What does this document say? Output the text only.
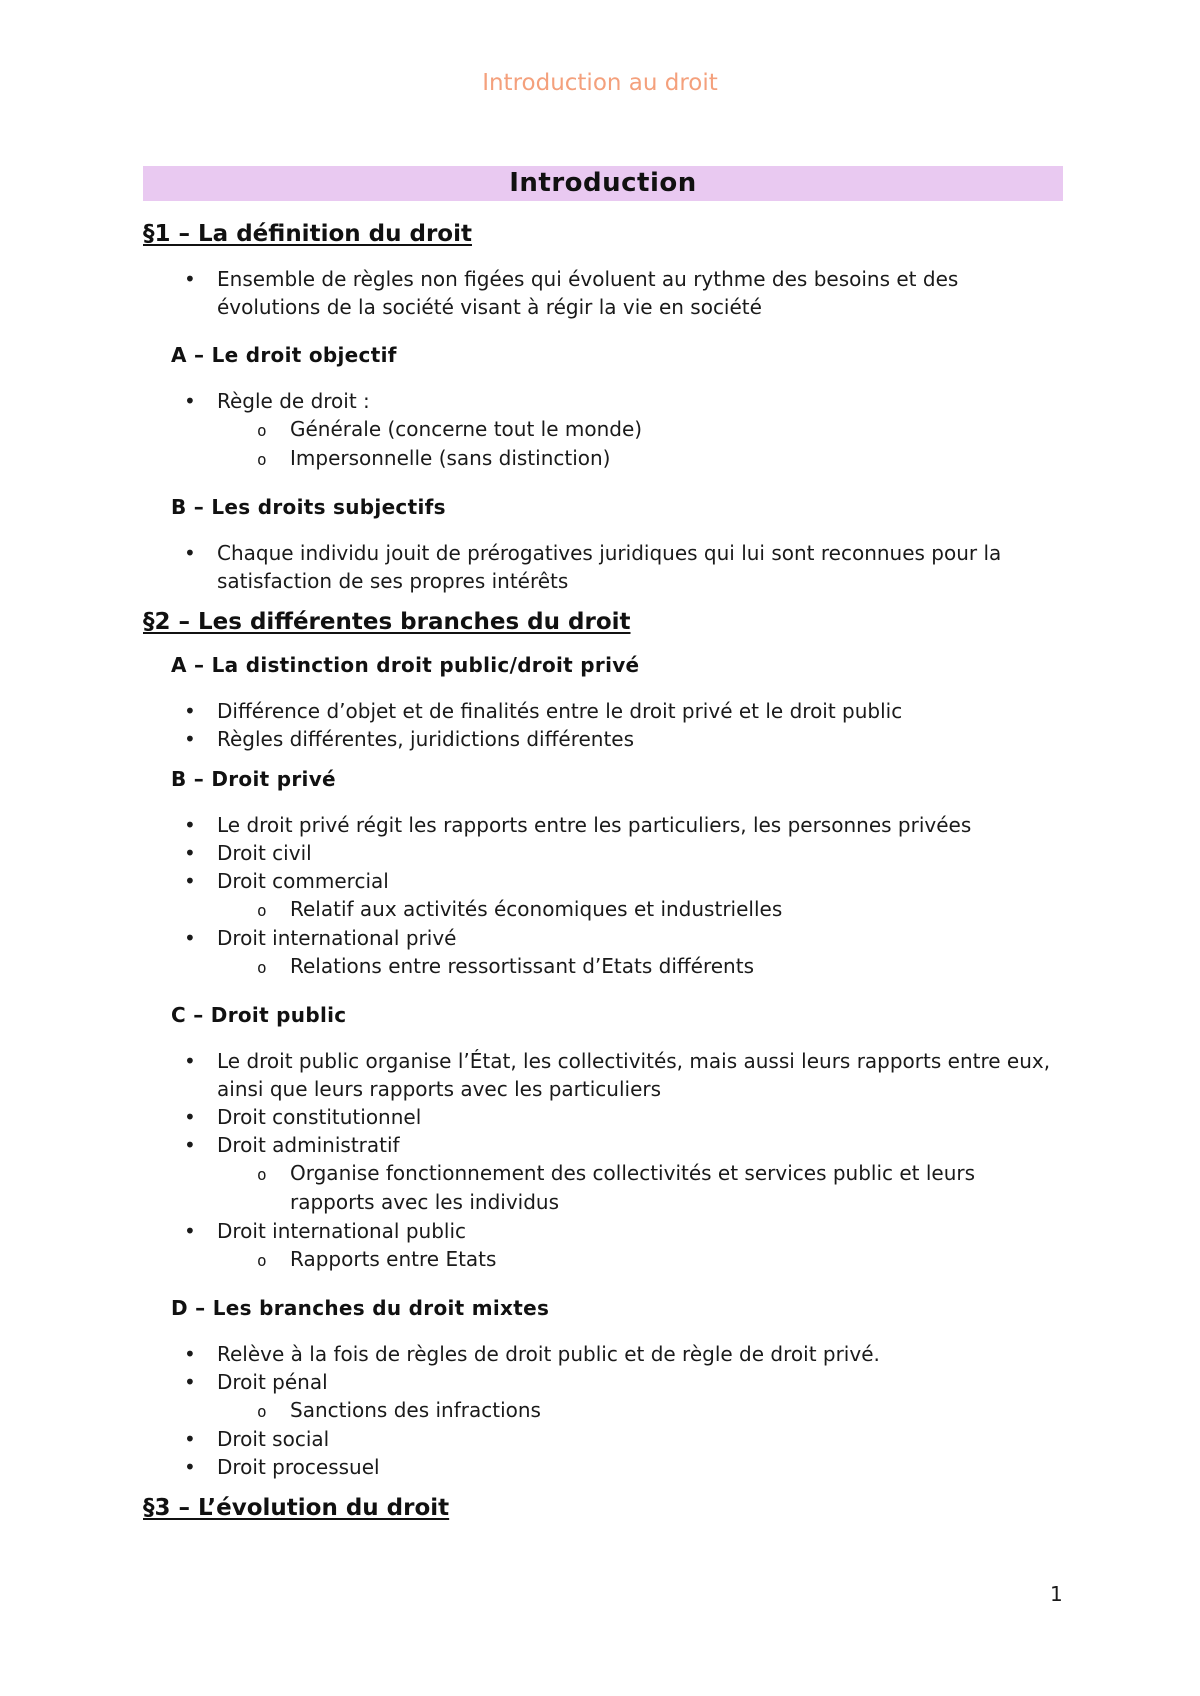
Introduction au droit
Introduction
§1 – La définition du droit
• Ensemble de règles non figées qui évoluent au rythme des besoins et des évolutions de la société visant à régir la vie en société
A – Le droit objectif
• Règle de droit :
o Générale (concerne tout le monde)
o Impersonnelle (sans distinction)
B – Les droits subjectifs
• Chaque individu jouit de prérogatives juridiques qui lui sont reconnues pour la satisfaction de ses propres intérêts
§2 – Les différentes branches du droit
A – La distinction droit public/droit privé
• Différence d’objet et de finalités entre le droit privé et le droit public
• Règles différentes, juridictions différentes
B – Droit privé
• Le droit privé régit les rapports entre les particuliers, les personnes privées
• Droit civil
• Droit commercial
o Relatif aux activités économiques et industrielles
• Droit international privé
o Relations entre ressortissant d’Etats différents
C – Droit public
• Le droit public organise l’État, les collectivités, mais aussi leurs rapports entre eux, ainsi que leurs rapports avec les particuliers
• Droit constitutionnel
• Droit administratif
o Organise fonctionnement des collectivités et services public et leurs rapports avec les individus
• Droit international public
o Rapports entre Etats
D – Les branches du droit mixtes
• Relève à la fois de règles de droit public et de règle de droit privé.
• Droit pénal
o Sanctions des infractions
• Droit social
• Droit processuel
§3 – L’évolution du droit
1
